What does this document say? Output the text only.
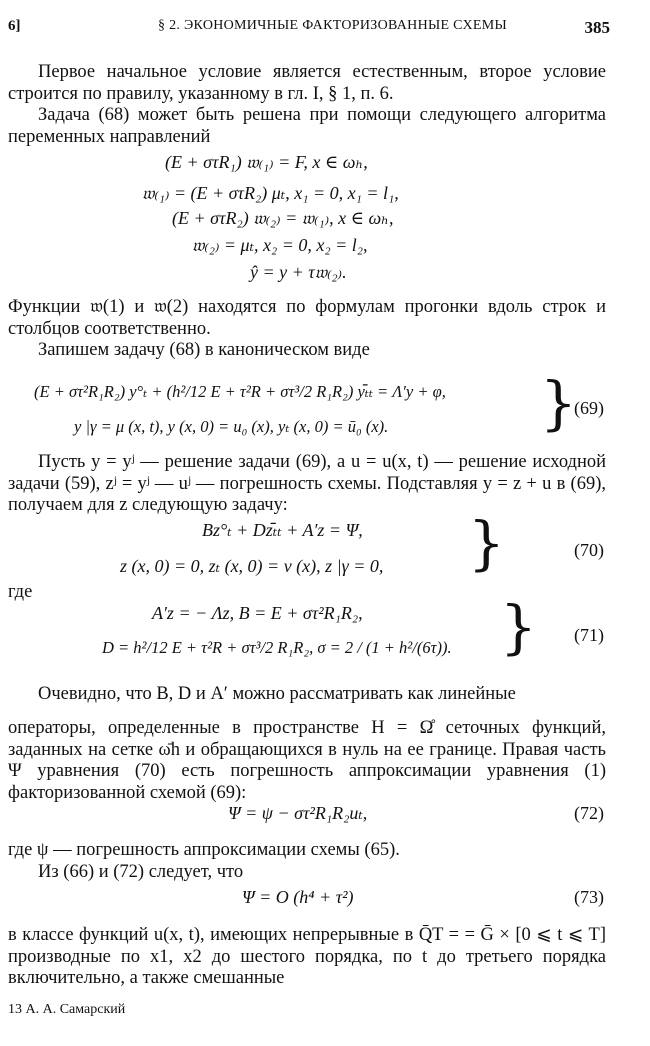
6]	§ 2. ЭКОНОМИЧНЫЕ ФАКТОРИЗОВАННЫЕ СХЕМЫ	385
Первое начальное условие является естественным, второе условие строится по правилу, указанному в гл. I, § 1, п. 6.
Задача (68) может быть решена при помощи следующего алгоритма переменных направлений
(E + στR₁) 𝔴₍₁₎ = F, x ∈ ωₕ,
𝔴₍₁₎ = (E + στR₂) μₜ, x₁ = 0, x₁ = l₁,
(E + στR₂) 𝔴₍₂₎ = 𝔴₍₁₎, x ∈ ωₕ,
𝔴₍₂₎ = μₜ, x₂ = 0, x₂ = l₂,
ŷ = y + τ𝔴₍₂₎.
Функции 𝔴(1) и 𝔴(2) находятся по формулам прогонки вдоль строк и столбцов соответственно.
Запишем задачу (68) в каноническом виде
(E + στ²R₁R₂) y°ₜ + (h²/12 E + τ²R + στ³/2 R₁R₂) yₜ̄ₜ = Λ′y + φ,
y |γ = μ (x, t), y (x, 0) = u₀ (x), yₜ (x, 0) = ū₀ (x).	}
(69)
Пусть y = yʲ — решение задачи (69), а u = u(x, t) — решение исходной задачи (59), zʲ = yʲ — uʲ — погрешность схемы. Подставляя y = z + u в (69), получаем для z следующую задачу:
Bz°ₜ + Dzₜ̄ₜ + A′z = Ψ,
z (x, 0) = 0, zₜ (x, 0) = ν (x), z |γ = 0, }	(70)
где
A′z = − Λz, B = E + στ²R₁R₂,
D = h²/12 E + τ²R + στ³/2 R₁R₂, σ = 2 / (1 + h²/(6τ)). } (71)
Очевидно, что B, D и A′ можно рассматривать как линейные
операторы, определенные в пространстве H = Ω̊ сеточных функций, заданных на сетке ω̄h и обращающихся в нуль на ее границе. Правая часть Ψ уравнения (70) есть погрешность аппроксимации уравнения (1) факторизованной схемой (69):
Ψ = ψ − στ²R₁R₂uₜ,	(72)
где ψ — погрешность аппроксимации схемы (65).
Из (66) и (72) следует, что
Ψ = O (h⁴ + τ²)	(73)
в классе функций u(x, t), имеющих непрерывные в Q̄T = = Ḡ × [0 ⩽ t ⩽ T] производные по x1, x2 до шестого порядка, по t до третьего порядка включительно, а также смешанные
13 А. А. Самарский
